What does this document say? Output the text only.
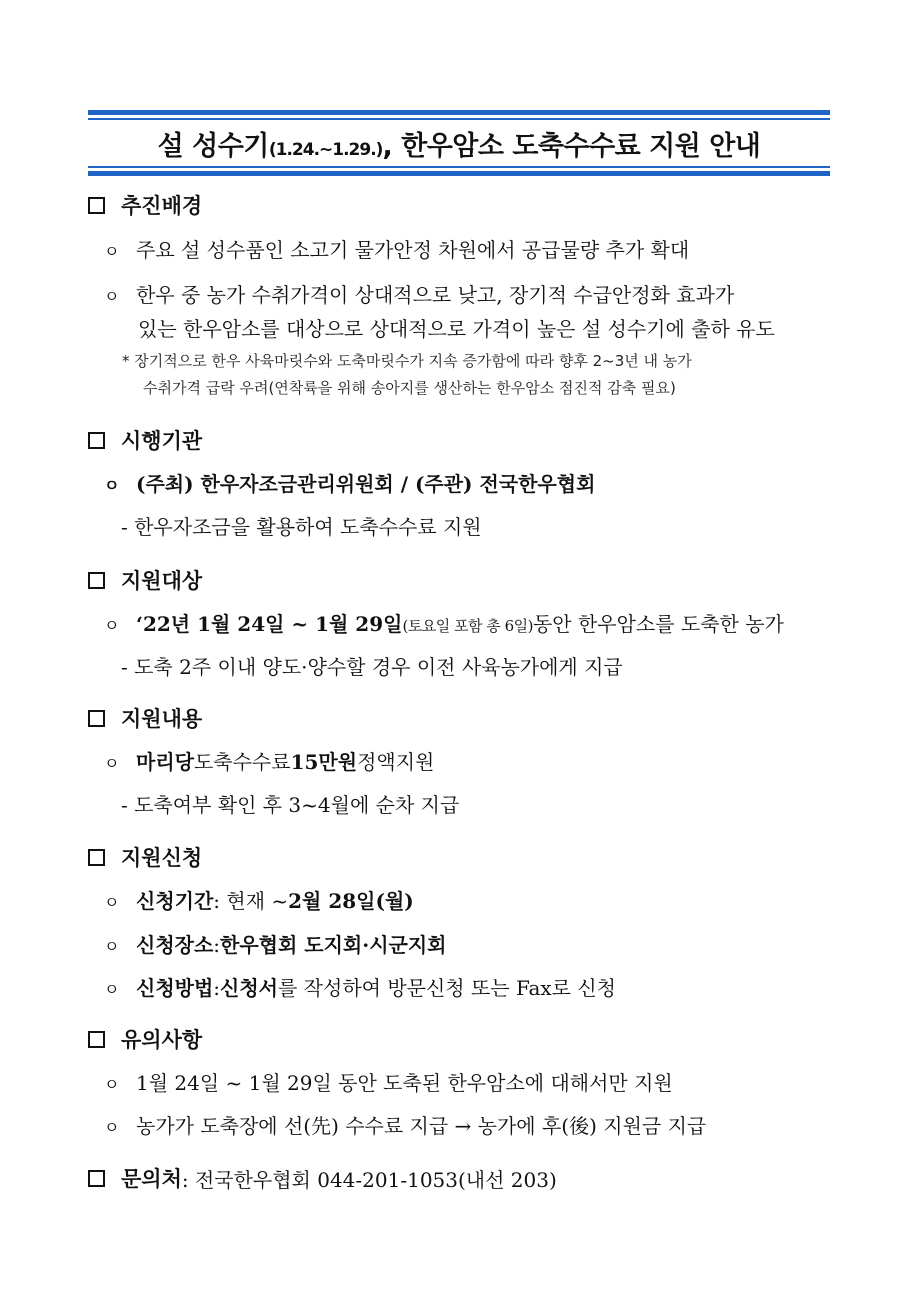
설 성수기(1.24.~1.29.), 한우암소 도축수수료 지원 안내
추진배경
ㅇ 주요 설 성수품인 소고기 물가안정 차원에서 공급물량 추가 확대
ㅇ 한우 중 농가 수취가격이 상대적으로 낮고, 장기적 수급안정화 효과가
있는 한우암소를 대상으로 상대적으로 가격이 높은 설 성수기에 출하 유도
* 장기적으로 한우 사육마릿수와 도축마릿수가 지속 증가함에 따라 향후 2~3년 내 농가
수취가격 급락 우려(연착륙을 위해 송아지를 생산하는 한우암소 점진적 감축 필요)
시행기관
ㅇ (주최) 한우자조금관리위원회 / (주관) 전국한우협회
- 한우자조금을 활용하여 도축수수료 지원
지원대상
ㅇ ‘22년 1월 24일 ~ 1월 29일 (토요일 포함 총 6일) 동안 한우암소를 도축한 농가
- 도축 2주 이내 양도·양수할 경우 이전 사육농가에게 지급
지원내용
ㅇ 마리당 도축수수료 15만원 정액지원
- 도축여부 확인 후 3~4월에 순차 지급
지원신청
ㅇ 신청기간 : 현재 ~ 2월 28일(월)
ㅇ 신청장소 : 한우협회 도지회·시군지회
ㅇ 신청방법 : 신청서 를 작성하여 방문신청 또는 Fax로 신청
유의사항
ㅇ 1월 24일 ~ 1월 29일 동안 도축된 한우암소에 대해서만 지원
ㅇ 농가가 도축장에 선(先) 수수료 지급 → 농가에 후(後) 지원금 지급
문의처 : 전국한우협회 044-201-1053(내선 203)
